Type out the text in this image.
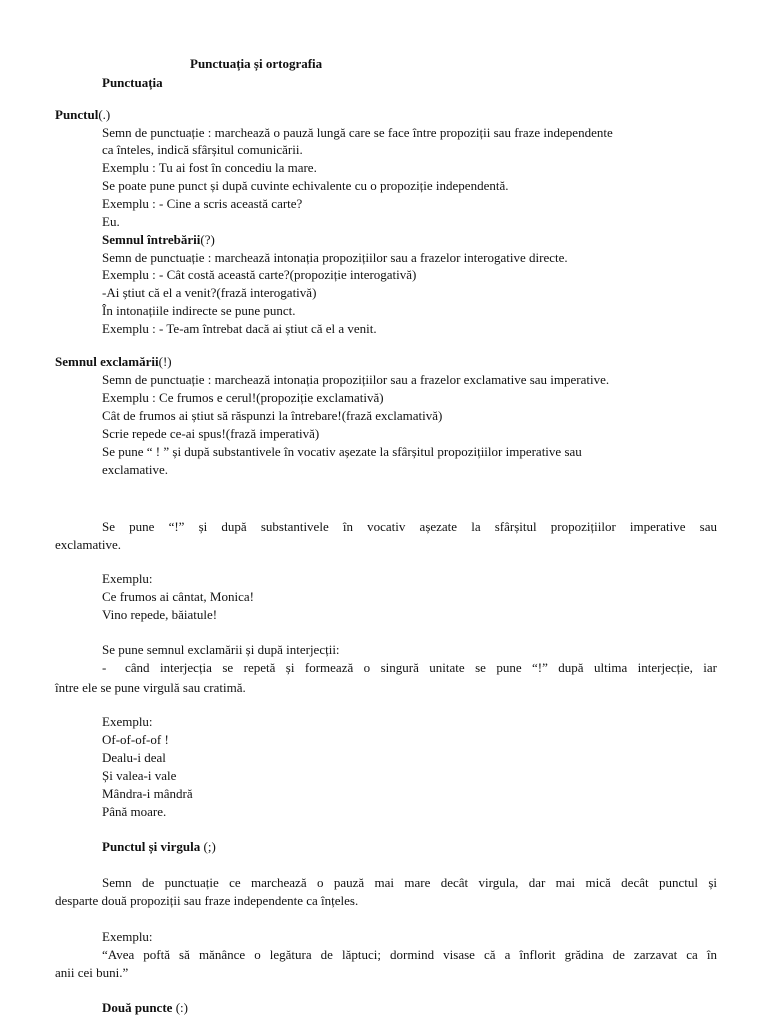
Punctuația și ortografia
Punctuația
Punctul(.)
Semn de punctuație : marchează o pauză lungă care se face între propoziții sau fraze independente
ca înteles, indică sfârșitul comunicării.
Exemplu : Tu ai fost în concediu la mare.
Se poate pune punct și după cuvinte echivalente cu o propoziție independentă.
Exemplu : - Cine a scris această carte?
Eu.
Semnul întrebării(?)
Semn de punctuație : marchează intonația propozițiilor sau a frazelor interogative directe.
Exemplu : - Cât costă această carte?(propoziție interogativă)
-Ai știut că el a venit?(frază interogativă)
În intonațiile indirecte se pune punct.
Exemplu : - Te-am întrebat dacă ai știut că el a venit.
Semnul exclamării(!)
Semn de punctuație : marchează intonația propozițiilor sau a frazelor exclamative sau imperative.
Exemplu : Ce frumos e cerul!(propoziție exclamativă)
Cât de frumos ai știut să răspunzi la întrebare!(frază exclamativă)
Scrie repede ce-ai spus!(frază imperativă)
Se pune “ ! ” și după substantivele în vocativ așezate la sfârșitul propozițiilor imperative sau
exclamative.
Se pune “!” și după substantivele în vocativ așezate la sfârșitul propozițiilor imperative sau
exclamative.
Exemplu:
Ce frumos ai cântat, Monica!
Vino repede, băiatule!
Se pune semnul exclamării și după interjecții:
- când interjecția se repetă și formează o singură unitate se pune “!” după ultima interjecție, iar
între ele se pune virgulă sau cratimă.
Exemplu:
Of-of-of-of !
Dealu-i deal
Și valea-i vale
Mândra-i mândră
Până moare.
Punctul și virgula (;)
Semn de punctuație ce marchează o pauză mai mare decât virgula, dar mai mică decât punctul și
desparte două propoziții sau fraze independente ca înțeles.
Exemplu:
“Avea poftă să mănânce o legătura de lăptuci; dormind visase că a înflorit grădina de zarzavat ca în
anii cei buni.”
Două puncte (:)
